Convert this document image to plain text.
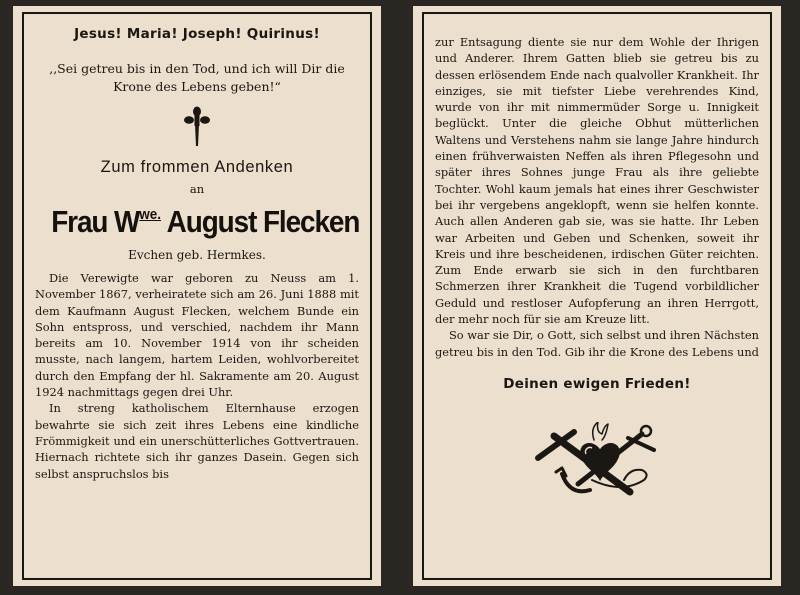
Jesus! Maria! Joseph! Quirinus!
,,Sei getreu bis in den Tod, und ich will Dir die Krone des Lebens geben!“
Zum frommen Andenken
an
Frau $W^{we.}$ August Flecken
Evchen geb. Hermkes.

Die Verewigte war geboren zu Neuss am 1. November 1867, verheiratete sich am 26. Juni 1888 mit dem Kaufmann August Flecken, welchem Bunde ein Sohn entspross, und verschied, nachdem ihr Mann bereits am 10. November 1914 von ihr scheiden musste, nach langem, hartem Leiden, wohlvorbereitet durch den Empfang der hl. Sakramente am 20. August 1924 nachmittags gegen drei Uhr.

In streng katholischem Elternhause erzogen bewahrte sie sich zeit ihres Lebens eine kindliche Frömmigkeit und ein unerschütterliches Gottvertrauen. Hiernach richtete sich ihr ganzes Dasein. Gegen sich selbst anspruchslos bis

zur Entsagung diente sie nur dem Wohle der Ihrigen und Anderer. Ihrem Gatten blieb sie getreu bis zu dessen erlösendem Ende nach qualvoller Krankheit. Ihr einziges, sie mit tiefster Liebe verehrendes Kind, wurde von ihr mit nimmermüder Sorge u. Innigkeit beglückt. Unter die gleiche Obhut mütterlichen Waltens und Verstehens nahm sie lange Jahre hindurch einen frühverwaisten Neffen als ihren Pflegesohn und später ihres Sohnes junge Frau als ihre geliebte Tochter. Wohl kaum jemals hat eines ihrer Geschwister bei ihr vergebens angeklopft, wenn sie helfen konnte. Auch allen Anderen gab sie, was sie hatte. Ihr Leben war Arbeiten und Geben und Schenken, soweit ihr Kreis und ihre bescheidenen, irdischen Güter reichten. Zum Ende erwarb sie sich in den furchtbaren Schmerzen ihrer Krankheit die Tugend vorbildlicher Geduld und restloser Aufopferung an ihren Herrgott, der mehr noch für sie am Kreuze litt.

So war sie Dir, o Gott, sich selbst und ihren Nächsten getreu bis in den Tod. Gib ihr die Krone des Lebens und

Deinen ewigen Frieden!
